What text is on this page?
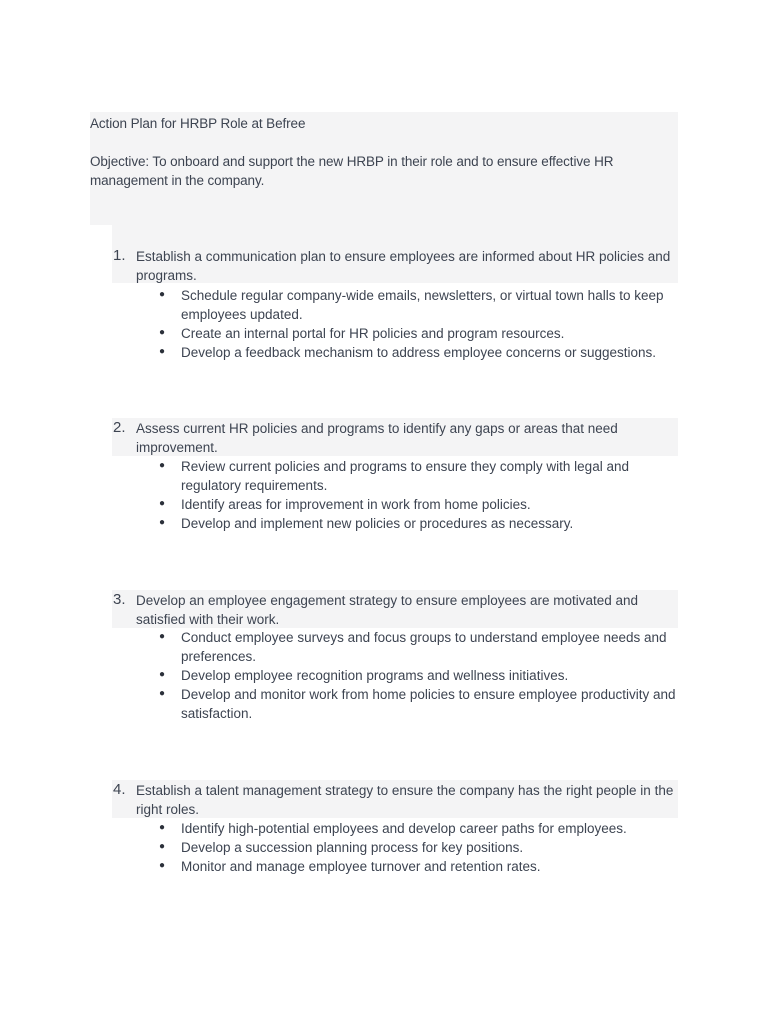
Action Plan for HRBP Role at Befree
Objective: To onboard and support the new HRBP in their role and to ensure effective HR management in the company.
1. Establish a communication plan to ensure employees are informed about HR policies and programs.
● Schedule regular company-wide emails, newsletters, or virtual town halls to keep employees updated.
● Create an internal portal for HR policies and program resources.
● Develop a feedback mechanism to address employee concerns or suggestions.
2. Assess current HR policies and programs to identify any gaps or areas that need improvement.
● Review current policies and programs to ensure they comply with legal and regulatory requirements.
● Identify areas for improvement in work from home policies.
● Develop and implement new policies or procedures as necessary.
3. Develop an employee engagement strategy to ensure employees are motivated and satisfied with their work.
● Conduct employee surveys and focus groups to understand employee needs and preferences.
● Develop employee recognition programs and wellness initiatives.
● Develop and monitor work from home policies to ensure employee productivity and satisfaction.
4. Establish a talent management strategy to ensure the company has the right people in the right roles.
● Identify high-potential employees and develop career paths for employees.
● Develop a succession planning process for key positions.
● Monitor and manage employee turnover and retention rates.
